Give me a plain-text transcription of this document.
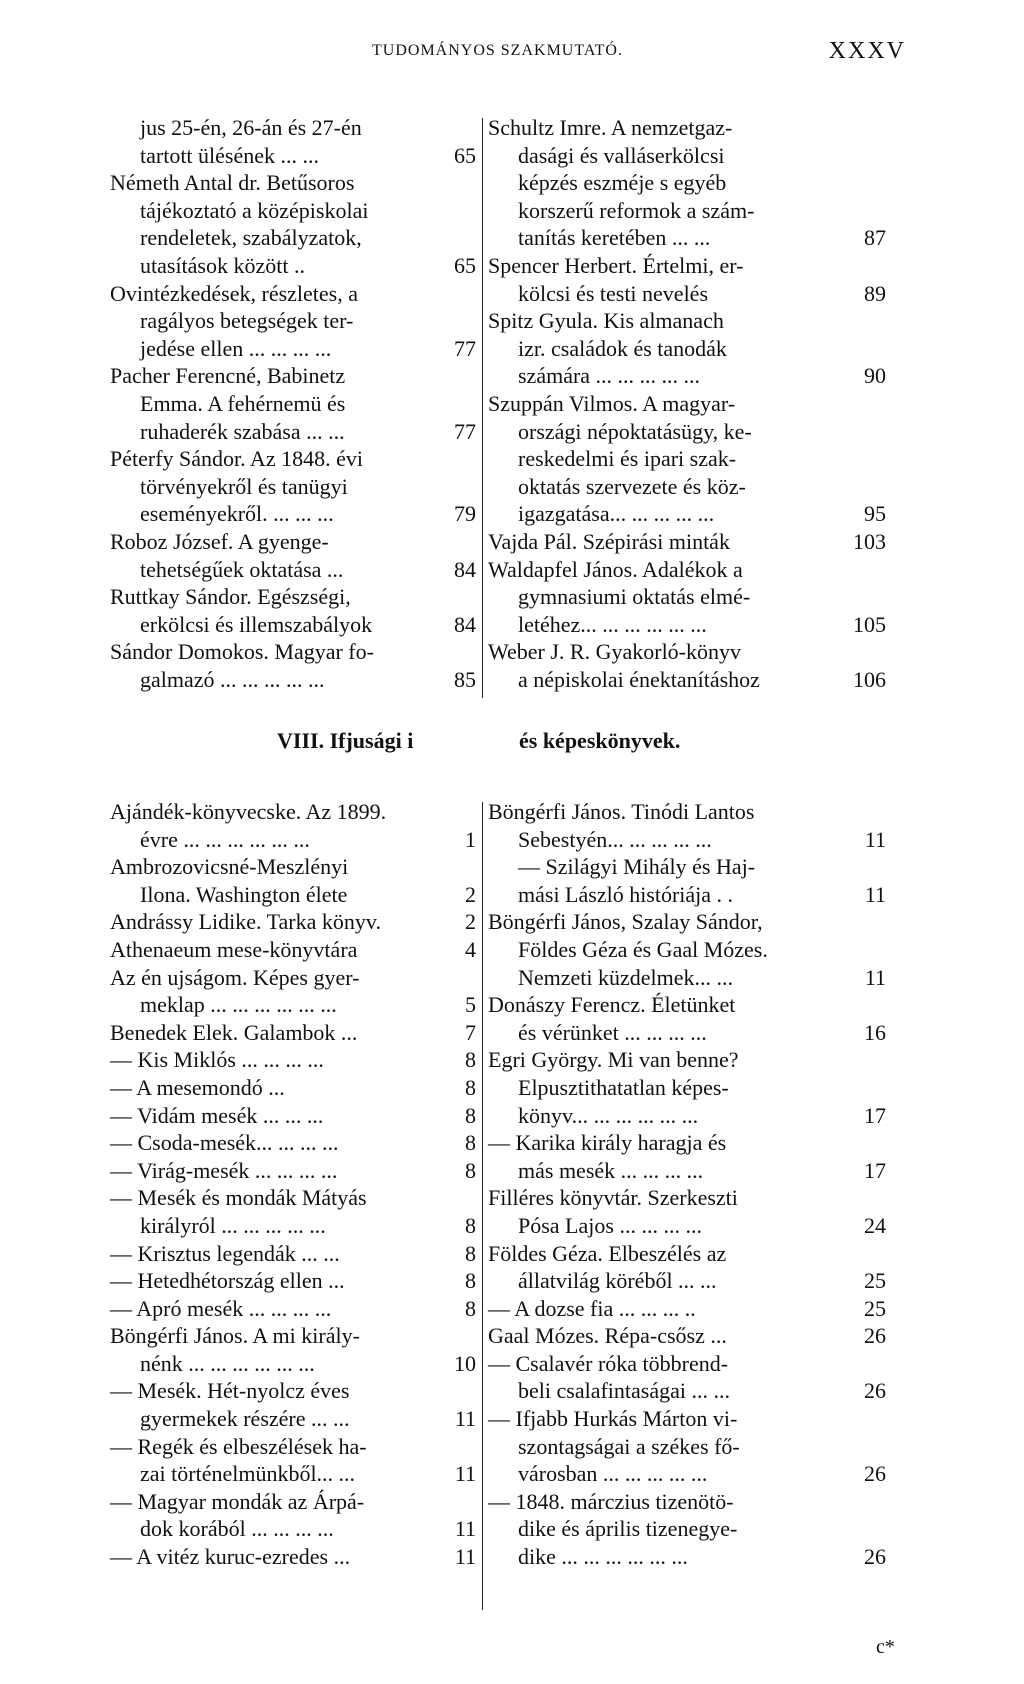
TUDOMÁNYOS SZAKMUTATÓ.	XXXV
jus 25-én, 26-án és 27-én
tartott ülésének ... ...	65
Németh Antal dr. Betűsoros
tájékoztató a középiskolai
rendeletek, szabályzatok,
utasítások között ..	65
Ovintézkedések, részletes, a
ragályos betegségek ter-
jedése ellen ... ... ... ...	77
Pacher Ferencné, Babinetz
Emma. A fehérnemü és
ruhaderék szabása ... ...	77
Péterfy Sándor. Az 1848. évi
törvényekről és tanügyi
eseményekről. ... ... ...	79
Roboz József. A gyenge-
tehetségűek oktatása ...	84
Ruttkay Sándor. Egészségi,
erkölcsi és illemszabályok	84
Sándor Domokos. Magyar fo-
galmazó ... ... ... ... ...	85
Schultz Imre. A nemzetgaz-
dasági és valláserkölcsi
képzés eszméje s egyéb
korszerű reformok a szám-
tanítás keretében ... ...	87
Spencer Herbert. Értelmi, er-
kölcsi és testi nevelés	89
Spitz Gyula. Kis almanach
izr. családok és tanodák
számára ... ... ... ... ...	90
Szuppán Vilmos. A magyar-
országi népoktatásügy, ke-
reskedelmi és ipari szak-
oktatás szervezete és köz-
igazgatása... ... ... ... ...	95
Vajda Pál. Szépirási minták	103
Waldapfel János. Adalékok a
gymnasiumi oktatás elmé-
letéhez... ... ... ... ... ...	105
Weber J. R. Gyakorló-könyv
a népiskolai énektanításhoz	106
VIII. Ifjusági i	és képeskönyvek.
Ajándék-könyvecske. Az 1899.
évre ... ... ... ... ... ...	1
Ambrozovicsné-Meszlényi
Ilona. Washington élete	2
Andrássy Lidike. Tarka könyv.	2
Athenaeum mese-könyvtára	4
Az én ujságom. Képes gyer-
meklap ... ... ... ... ... ...	5
Benedek Elek. Galambok ...	7
— Kis Miklós ... ... ... ...	8
— A mesemondó ...	8
— Vidám mesék ... ... ...	8
— Csoda-mesék... ... ... ...	8
— Virág-mesék ... ... ... ...	8
— Mesék és mondák Mátyás
királyról ... ... ... ... ...	8
— Krisztus legendák ... ...	8
— Hetedhétország ellen ...	8
— Apró mesék ... ... ... ...	8
Böngérfi János. A mi király-
nénk ... ... ... ... ... ...	10
— Mesék. Hét-nyolcz éves
gyermekek részére ... ...	11
— Regék és elbeszélések ha-
zai történelmünkből... ...	11
— Magyar mondák az Árpá-
dok korából ... ... ... ...	11
— A vitéz kuruc-ezredes ...	11
Böngérfi János. Tinódi Lantos
Sebestyén... ... ... ... ...	11
— Szilágyi Mihály és Haj-
mási László históriája . .	11
Böngérfi János, Szalay Sándor,
Földes Géza és Gaal Mózes.
Nemzeti küzdelmek... ...	11
Donászy Ferencz. Életünket
és vérünket ... ... ... ...	16
Egri György. Mi van benne?
Elpusztithatatlan képes-
könyv... ... ... ... ... ...	17
— Karika király haragja és
más mesék ... ... ... ...	17
Filléres könyvtár. Szerkeszti
Pósa Lajos ... ... ... ...	24
Földes Géza. Elbeszélés az
állatvilág köréből ... ...	25
— A dozse fia ... ... ... ..	25
Gaal Mózes. Répa-csősz ...	26
— Csalavér róka többrend-
beli csalafintaságai ... ...	26
— Ifjabb Hurkás Márton vi-
szontagságai a székes fő-
városban ... ... ... ... ...	26
— 1848. márczius tizenötö-
dike és április tizenegye-
dike ... ... ... ... ... ...	26
c*
